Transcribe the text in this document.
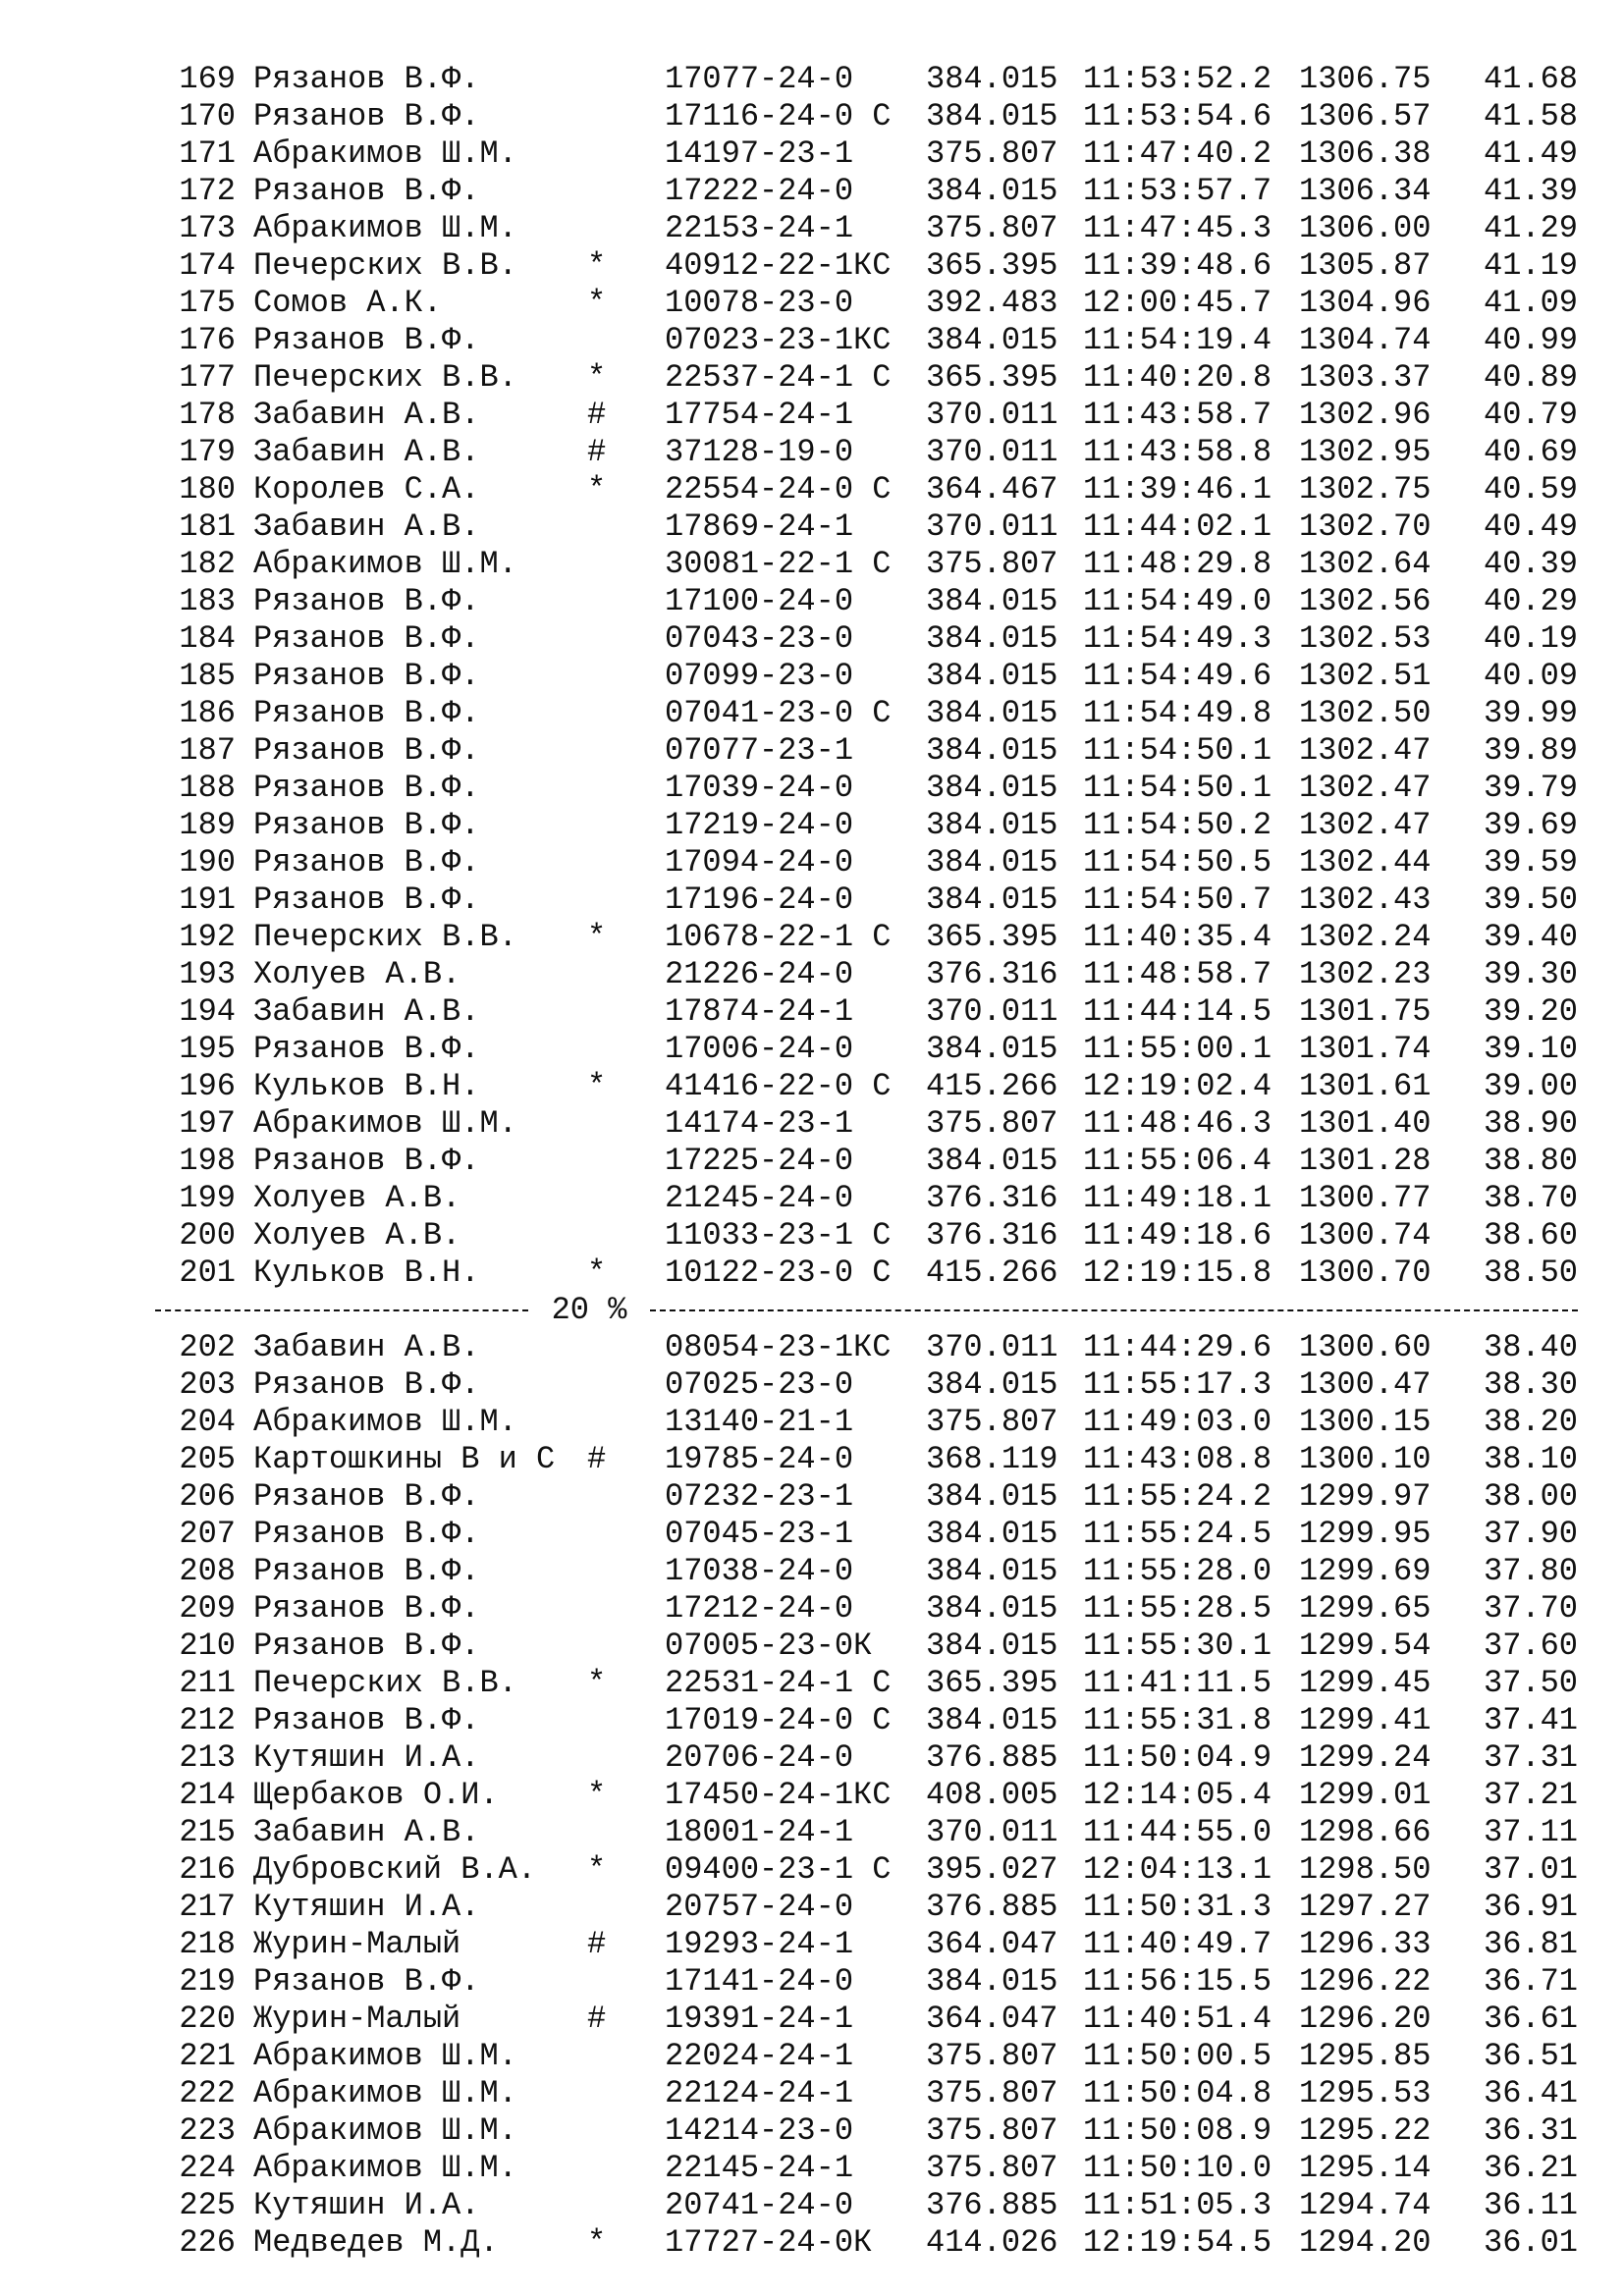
169 Рязанов В.Ф.	17077-24-0 384.015 11:53:52.2 1306.75	41.68
170 Рязанов В.Ф.	17116-24-0 С 384.015 11:53:54.6 1306.57	41.58
171 Абракимов Ш.М.	14197-23-1 375.807 11:47:40.2 1306.38	41.49
172 Рязанов В.Ф.	17222-24-0 384.015 11:53:57.7 1306.34	41.39
173 Абракимов Ш.М.	22153-24-1 375.807 11:47:45.3 1306.00	41.29
174 Печерских В.В. * 40912-22-1КС 365.395 11:39:48.6 1305.87	41.19
175 Сомов А.К.	* 10078-23-0 392.483 12:00:45.7 1304.96	41.09
176 Рязанов В.Ф.	07023-23-1КС 384.015 11:54:19.4 1304.74	40.99
177 Печерских В.В. * 22537-24-1 С 365.395 11:40:20.8 1303.37	40.89
178 Забавин А.В.	# 17754-24-1 370.011 11:43:58.7 1302.96	40.79
179 Забавин А.В.	# 37128-19-0 370.011 11:43:58.8 1302.95	40.69
180 Королев С.А.	* 22554-24-0 С 364.467 11:39:46.1 1302.75	40.59
181 Забавин А.В.	17869-24-1 370.011 11:44:02.1 1302.70	40.49
182 Абракимов Ш.М.	30081-22-1 С 375.807 11:48:29.8 1302.64	40.39
183 Рязанов В.Ф.	17100-24-0 384.015 11:54:49.0 1302.56	40.29
184 Рязанов В.Ф.	07043-23-0 384.015 11:54:49.3 1302.53	40.19
185 Рязанов В.Ф.	07099-23-0 384.015 11:54:49.6 1302.51	40.09
186 Рязанов В.Ф.	07041-23-0 С 384.015 11:54:49.8 1302.50	39.99
187 Рязанов В.Ф.	07077-23-1 384.015 11:54:50.1 1302.47	39.89
188 Рязанов В.Ф.	17039-24-0 384.015 11:54:50.1 1302.47	39.79
189 Рязанов В.Ф.	17219-24-0 384.015 11:54:50.2 1302.47	39.69
190 Рязанов В.Ф.	17094-24-0 384.015 11:54:50.5 1302.44	39.59
191 Рязанов В.Ф.	17196-24-0 384.015 11:54:50.7 1302.43	39.50
192 Печерских В.В. * 10678-22-1 С 365.395 11:40:35.4 1302.24	39.40
193 Холуев А.В.	21226-24-0 376.316 11:48:58.7 1302.23	39.30
194 Забавин А.В.	17874-24-1 370.011 11:44:14.5 1301.75	39.20
195 Рязанов В.Ф.	17006-24-0 384.015 11:55:00.1 1301.74	39.10
196 Кульков В.Н.	* 41416-22-0 С 415.266 12:19:02.4 1301.61	39.00
197 Абракимов Ш.М.	14174-23-1 375.807 11:48:46.3 1301.40	38.90
198 Рязанов В.Ф.	17225-24-0 384.015 11:55:06.4 1301.28	38.80
199 Холуев А.В.	21245-24-0 376.316 11:49:18.1 1300.77	38.70
200 Холуев А.В.	11033-23-1 С 376.316 11:49:18.6 1300.74	38.60
201 Кульков В.Н.	* 10122-23-0 С 415.266 12:19:15.8 1300.70	38.50

20 %

202 Забавин А.В.	08054-23-1КС 370.011 11:44:29.6 1300.60	38.40
203 Рязанов В.Ф.	07025-23-0 384.015 11:55:17.3 1300.47	38.30
204 Абракимов Ш.М.	13140-21-1 375.807 11:49:03.0 1300.15	38.20
205 Картошкины В и С # 19785-24-0 368.119 11:43:08.8 1300.10	38.10
206 Рязанов В.Ф.	07232-23-1 384.015 11:55:24.2 1299.97	38.00
207 Рязанов В.Ф.	07045-23-1 384.015 11:55:24.5 1299.95	37.90
208 Рязанов В.Ф.	17038-24-0 384.015 11:55:28.0 1299.69	37.80
209 Рязанов В.Ф.	17212-24-0 384.015 11:55:28.5 1299.65	37.70
210 Рязанов В.Ф.	07005-23-0К 384.015 11:55:30.1 1299.54	37.60
211 Печерских В.В. * 22531-24-1 С 365.395 11:41:11.5 1299.45	37.50
212 Рязанов В.Ф.	17019-24-0 С 384.015 11:55:31.8 1299.41	37.41
213 Кутяшин И.А.	20706-24-0 376.885 11:50:04.9 1299.24	37.31
214 Щербаков О.И.	* 17450-24-1КС 408.005 12:14:05.4 1299.01	37.21
215 Забавин А.В.	18001-24-1 370.011 11:44:55.0 1298.66	37.11
216 Дубровский В.А. * 09400-23-1 С 395.027 12:04:13.1 1298.50	37.01
217 Кутяшин И.А.	20757-24-0 376.885 11:50:31.3 1297.27	36.91
218 Журин-Малый	# 19293-24-1 364.047 11:40:49.7 1296.33	36.81
219 Рязанов В.Ф.	17141-24-0 384.015 11:56:15.5 1296.22	36.71
220 Журин-Малый	# 19391-24-1 364.047 11:40:51.4 1296.20	36.61
221 Абракимов Ш.М.	22024-24-1 375.807 11:50:00.5 1295.85	36.51
222 Абракимов Ш.М.	22124-24-1 375.807 11:50:04.8 1295.53	36.41
223 Абракимов Ш.М.	14214-23-0 375.807 11:50:08.9 1295.22	36.31
224 Абракимов Ш.М.	22145-24-1 375.807 11:50:10.0 1295.14	36.21
225 Кутяшин И.А.	20741-24-0 376.885 11:51:05.3 1294.74	36.11
226 Медведев М.Д.	* 17727-24-0К 414.026 12:19:54.5 1294.20	36.01
